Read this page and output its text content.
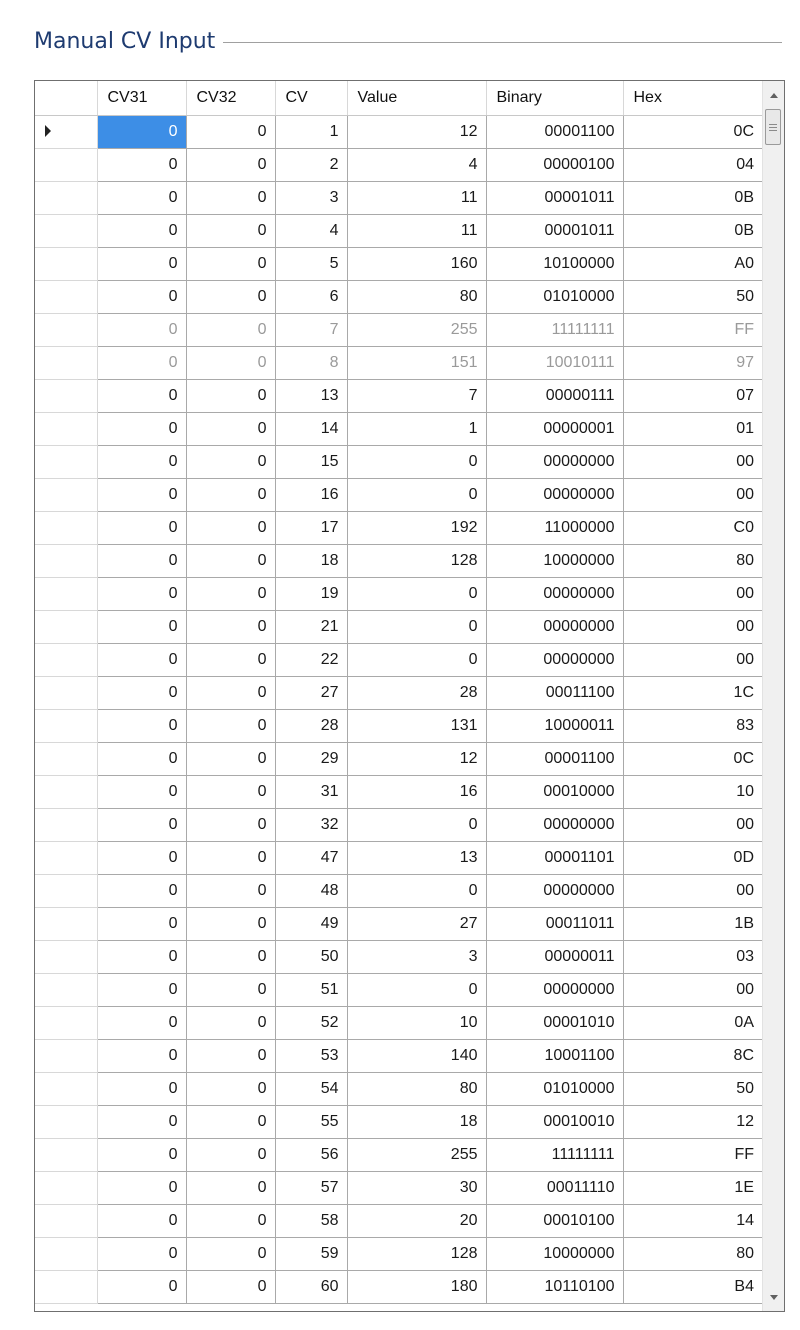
Manual CV Input
	CV31	CV32	CV	Value	Binary	Hex
	0	0	1	12	00001100	0C
	0	0	2	4	00000100	04
	0	0	3	11	00001011	0B
	0	0	4	11	00001011	0B
	0	0	5	160	10100000	A0
	0	0	6	80	01010000	50
	0	0	7	255	11111111	FF
	0	0	8	151	10010111	97
	0	0	13	7	00000111	07
	0	0	14	1	00000001	01
	0	0	15	0	00000000	00
	0	0	16	0	00000000	00
	0	0	17	192	11000000	C0
	0	0	18	128	10000000	80
	0	0	19	0	00000000	00
	0	0	21	0	00000000	00
	0	0	22	0	00000000	00
	0	0	27	28	00011100	1C
	0	0	28	131	10000011	83
	0	0	29	12	00001100	0C
	0	0	31	16	00010000	10
	0	0	32	0	00000000	00
	0	0	47	13	00001101	0D
	0	0	48	0	00000000	00
	0	0	49	27	00011011	1B
	0	0	50	3	00000011	03
	0	0	51	0	00000000	00
	0	0	52	10	00001010	0A
	0	0	53	140	10001100	8C
	0	0	54	80	01010000	50
	0	0	55	18	00010010	12
	0	0	56	255	11111111	FF
	0	0	57	30	00011110	1E
	0	0	58	20	00010100	14
	0	0	59	128	10000000	80
	0	0	60	180	10110100	B4
